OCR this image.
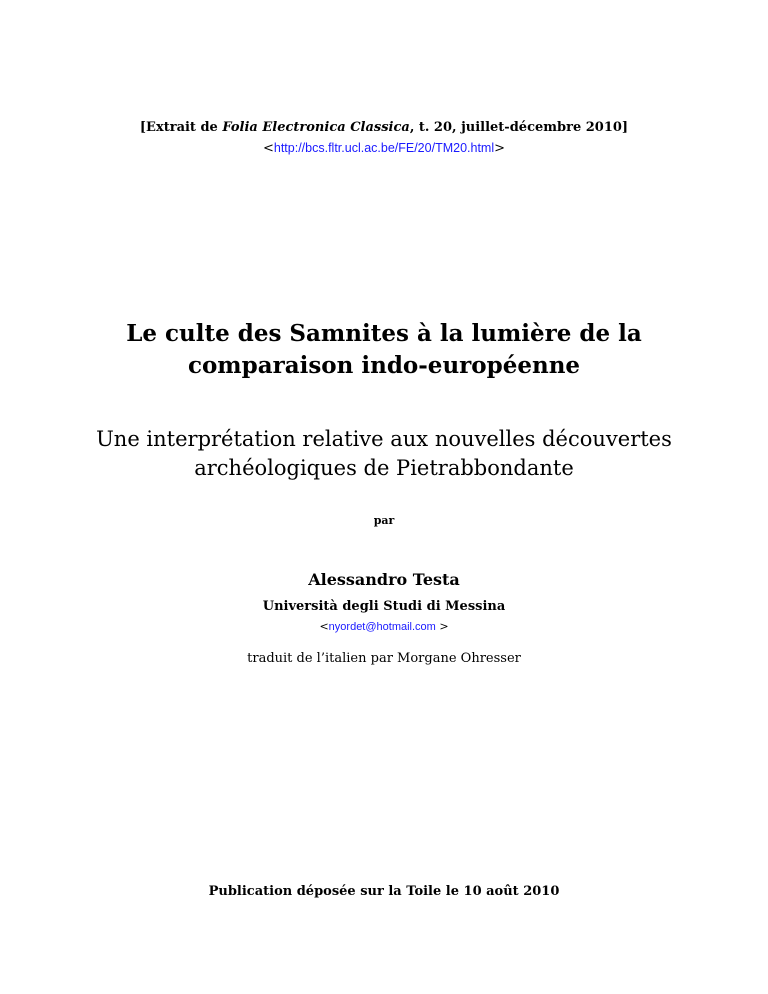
[Extrait de Folia Electronica Classica, t. 20, juillet-décembre 2010]
<http://bcs.fltr.ucl.ac.be/FE/20/TM20.html>
Le culte des Samnites à la lumière de la
comparaison indo-européenne
Une interprétation relative aux nouvelles découvertes
archéologiques de Pietrabbondante
par
Alessandro Testa
Università degli Studi di Messina
<nyordet@hotmail.com >
traduit de l’italien par Morgane Ohresser
Publication déposée sur la Toile le 10 août 2010
